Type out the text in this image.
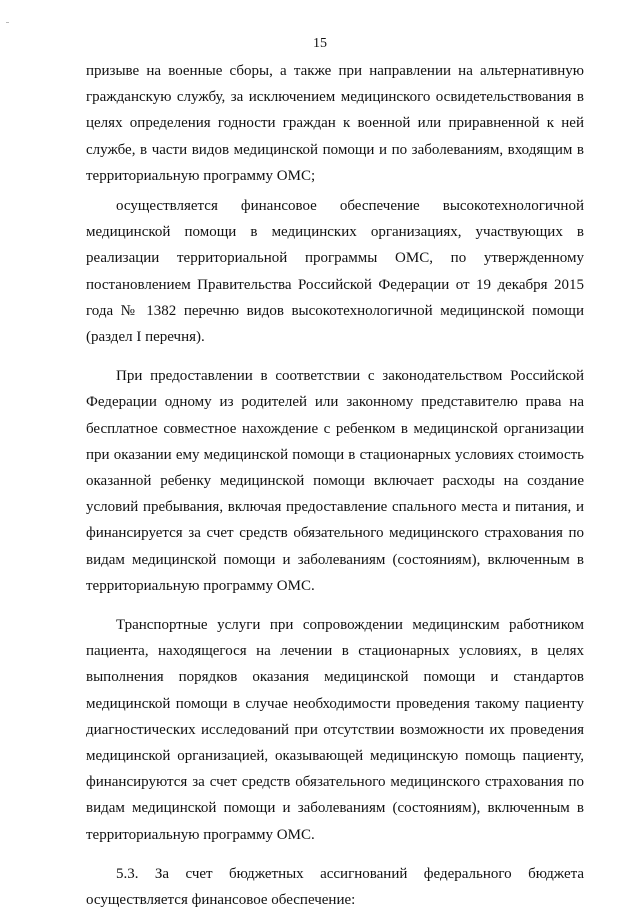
15

призыве на военные сборы, а также при направлении на альтернативную гражданскую службу, за исключением медицинского освидетельствования в целях определения годности граждан к военной или приравненной к ней службе, в части видов медицинской помощи и по заболеваниям, входящим в территориальную программу ОМС;

осуществляется финансовое обеспечение высокотехнологичной медицинской помощи в медицинских организациях, участвующих в реализации территориальной программы ОМС, по утвержденному постановлением Правительства Российской Федерации от 19 декабря 2015 года № 1382 перечню видов высокотехнологичной медицинской помощи (раздел I перечня).

При предоставлении в соответствии с законодательством Российской Федерации одному из родителей или законному представителю права на бесплатное совместное нахождение с ребенком в медицинской организации при оказании ему медицинской помощи в стационарных условиях стоимость оказанной ребенку медицинской помощи включает расходы на создание условий пребывания, включая предоставление спального места и питания, и финансируется за счет средств обязательного медицинского страхования по видам медицинской помощи и заболеваниям (состояниям), включенным в территориальную программу ОМС.

Транспортные услуги при сопровождении медицинским работником пациента, находящегося на лечении в стационарных условиях, в целях выполнения порядков оказания медицинской помощи и стандартов медицинской помощи в случае необходимости проведения такому пациенту диагностических исследований при отсутствии возможности их проведения медицинской организацией, оказывающей медицинскую помощь пациенту, финансируются за счет средств обязательного медицинского страхования по видам медицинской помощи и заболеваниям (состояниям), включенным в территориальную программу ОМС.

5.3. За счет бюджетных ассигнований федерального бюджета осуществляется финансовое обеспечение:
